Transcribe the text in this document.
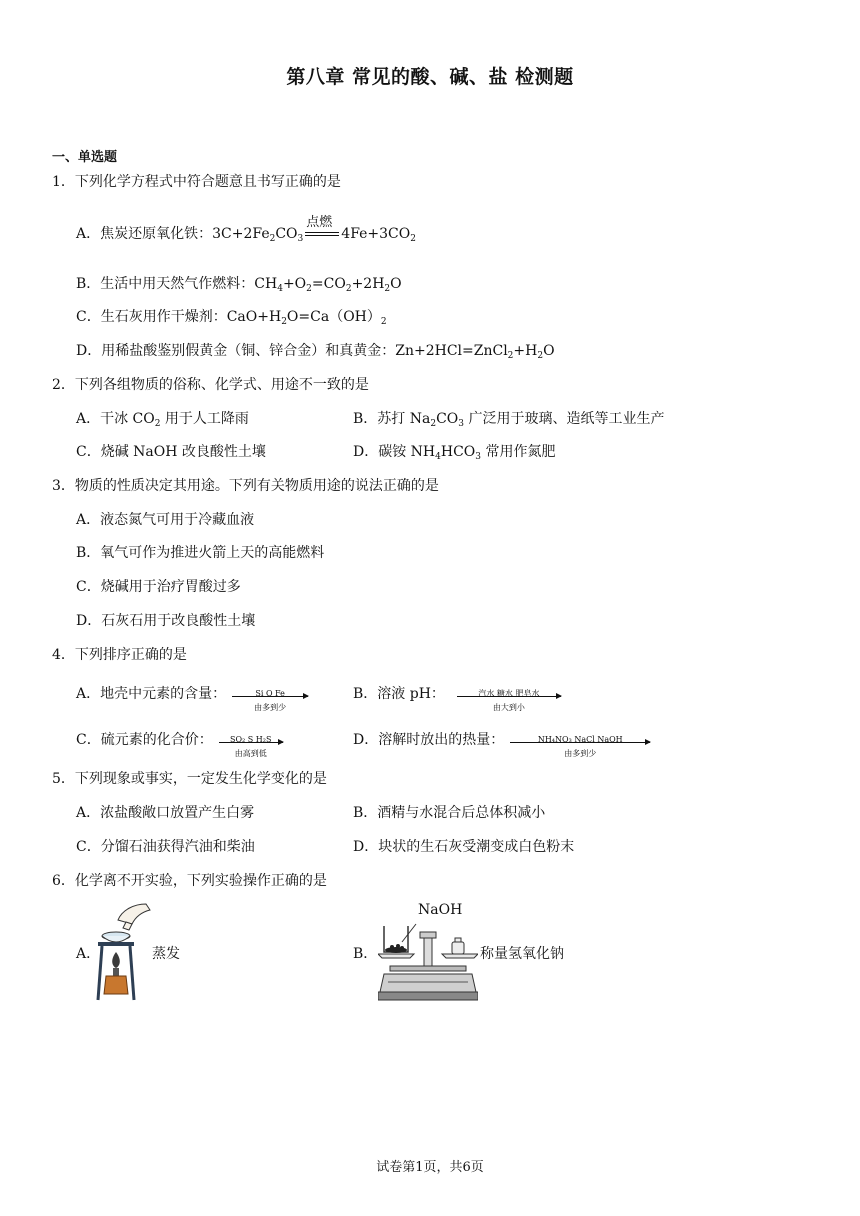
第八章 常见的酸、碱、盐 检测题
一、单选题
1．下列化学方程式中符合题意且书写正确的是
A．焦炭还原氧化铁：$3C+2Fe_2CO_3$
点燃
$4Fe+3CO_2$
B．生活中用天然气作燃料：$CH_4+O_2=CO_2+2H_2O$
C．生石灰用作干燥剂：$CaO+H_2O=Ca(OH)_2$
D．用稀盐酸鉴别假黄金（铜、锌合金）和真黄金：$Zn+2HCl=ZnCl_2+H_2O$
2．下列各组物质的俗称、化学式、用途不一致的是
A．干冰 $CO_2$ 用于人工降雨	B．苏打 $Na_2CO_3$ 广泛用于玻璃、造纸等工业生产
C．烧碱 NaOH 改良酸性土壤	D．碳铵 $NH_4HCO_3$ 常用作氮肥
3．物质的性质决定其用途。下列有关物质用途的说法正确的是
A．液态氮气可用于冷藏血液
B．氧气可作为推进火箭上天的高能燃料
C．烧碱用于治疗胃酸过多
D．石灰石用于改良酸性土壤
4．下列排序正确的是
A．地壳中元素的含量：	Si O Fe
由多到少
B．溶液 pH：	汽水 糖水 肥皂水
由大到小
C．硫元素的化合价：	SO₂ S H₂S
由高到低
D．溶解时放出的热量：	NH₄NO₃ NaCl NaOH
由多到少
5．下列现象或事实，一定发生化学变化的是
A．浓盐酸敞口放置产生白雾	B．酒精与水混合后总体积减小
C．分馏石油获得汽油和柴油	D．块状的生石灰受潮变成白色粉末
6．化学离不开实验，下列实验操作正确的是
A．	蒸发	B．	称量氢氧化钠
NaOH
试卷第1页，共6页
